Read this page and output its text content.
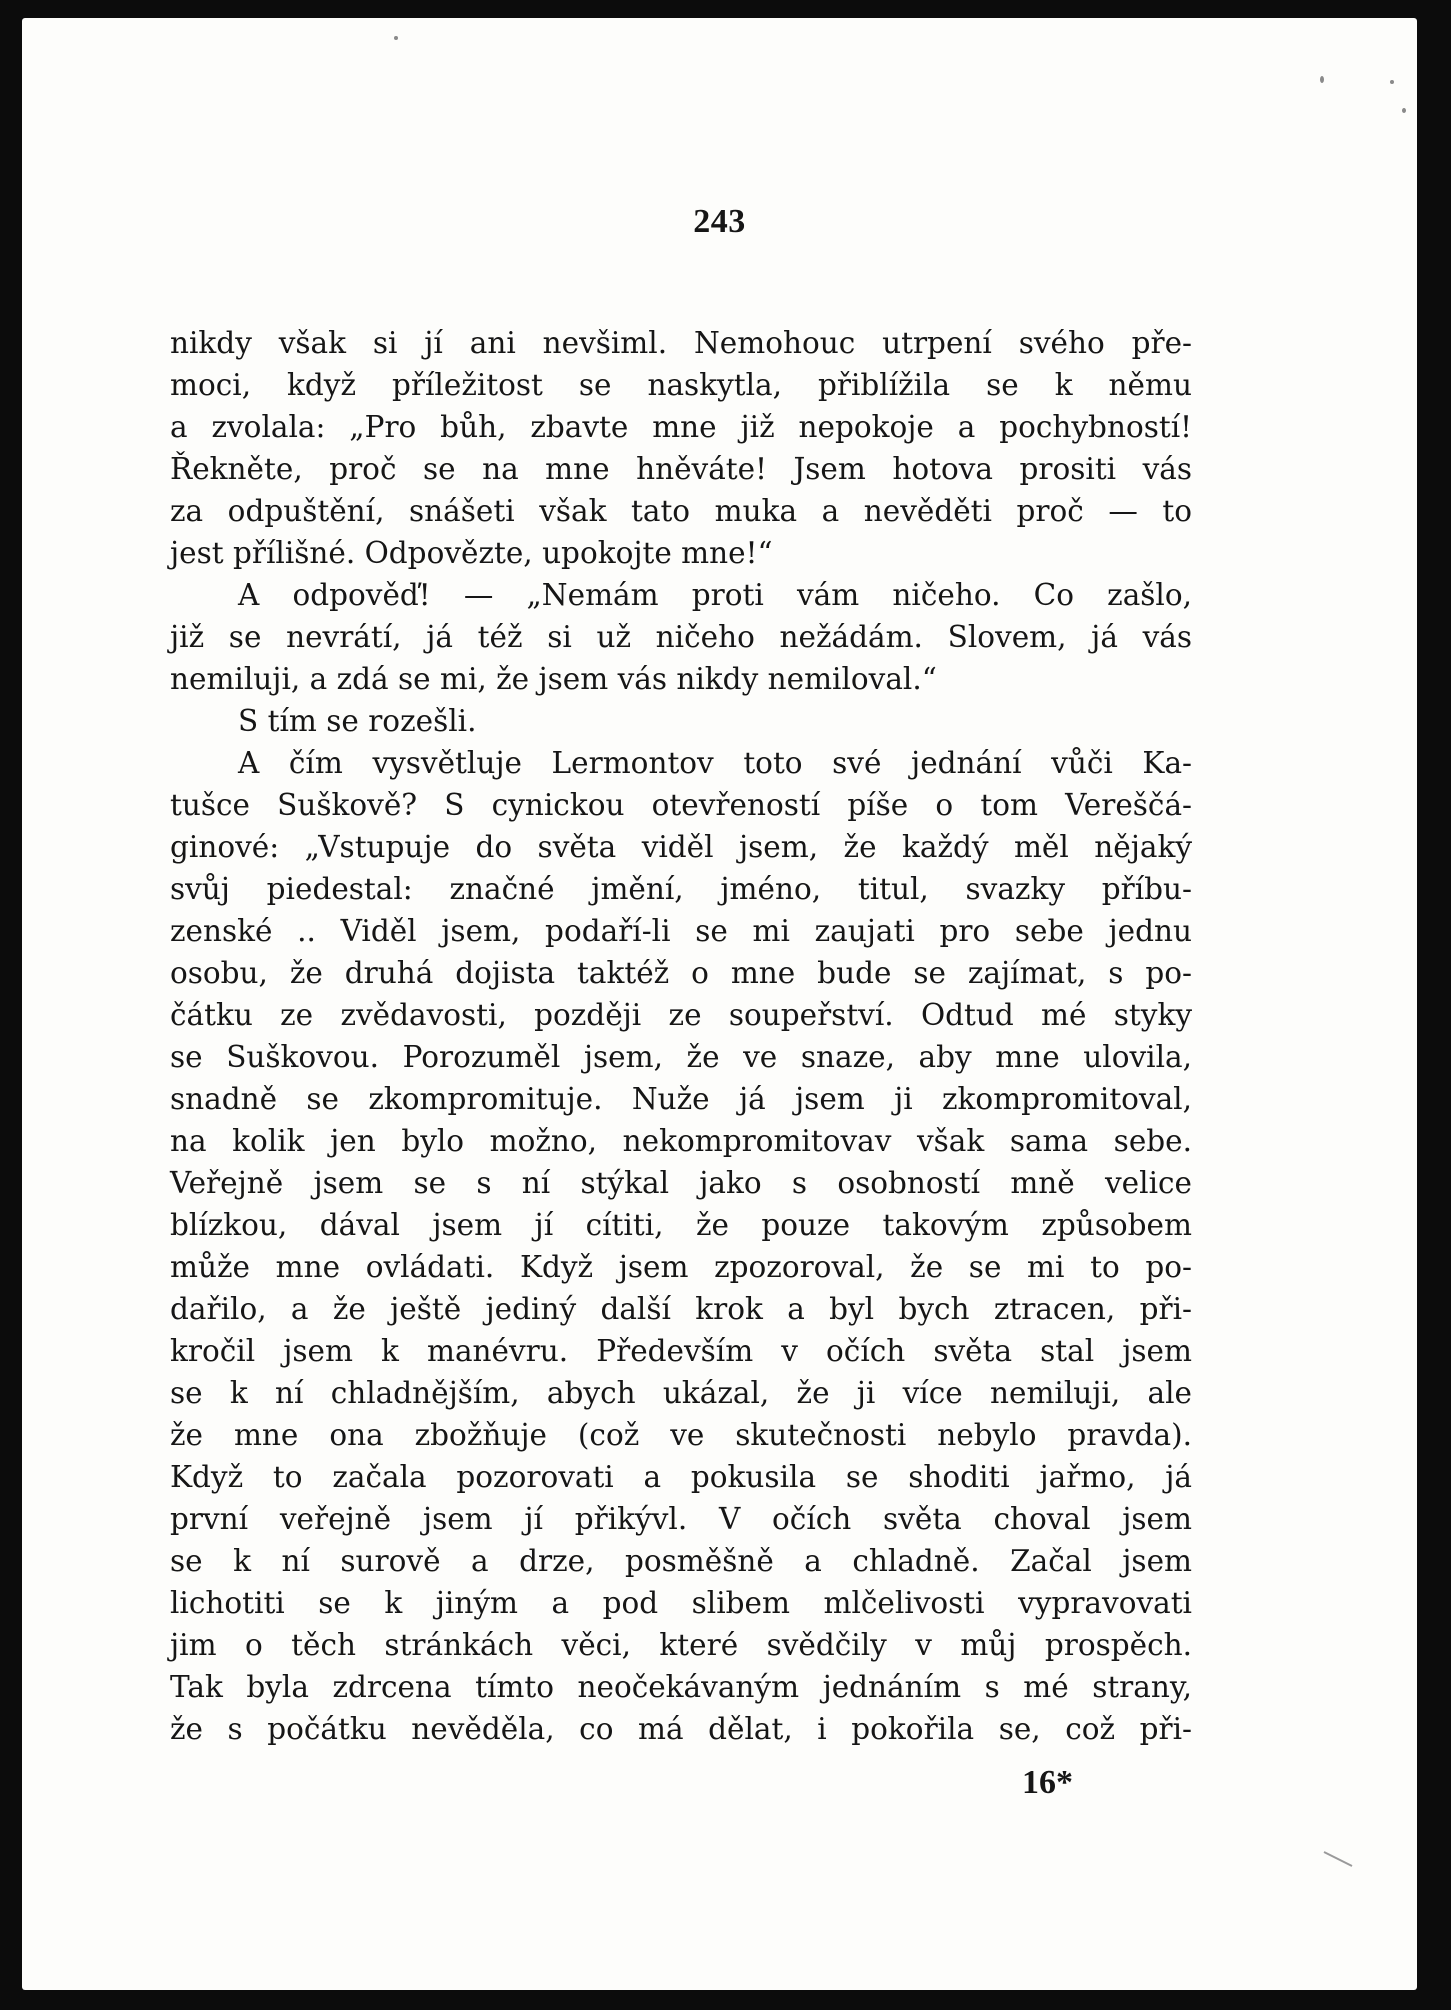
243
nikdy však si jí ani nevšiml. Nemohouc utrpení svého pře-
moci, když příležitost se naskytla, přiblížila se k němu
a zvolala: „Pro bůh, zbavte mne již nepokoje a pochybností!
Řekněte, proč se na mne hněváte! Jsem hotova prositi vás
za odpuštění, snášeti však tato muka a nevěděti proč — to
jest přílišné. Odpovězte, upokojte mne!“
A odpověď! — „Nemám proti vám ničeho. Co zašlo,
již se nevrátí, já též si už ničeho nežádám. Slovem, já vás
nemiluji, a zdá se mi, že jsem vás nikdy nemiloval.“
S tím se rozešli.
A čím vysvětluje Lermontov toto své jednání vůči Ka-
tušce Suškově? S cynickou otevřeností píše o tom Vereščá-
ginové: „Vstupuje do světa viděl jsem, že každý měl nějaký
svůj piedestal: značné jmění, jméno, titul, svazky příbu-
zenské .. Viděl jsem, podaří-li se mi zaujati pro sebe jednu
osobu, že druhá dojista taktéž o mne bude se zajímat, s po-
čátku ze zvědavosti, později ze soupeřství. Odtud mé styky
se Suškovou. Porozuměl jsem, že ve snaze, aby mne ulovila,
snadně se zkompromituje. Nuže já jsem ji zkompromitoval,
na kolik jen bylo možno, nekompromitovav však sama sebe.
Veřejně jsem se s ní stýkal jako s osobností mně velice
blízkou, dával jsem jí cítiti, že pouze takovým způsobem
může mne ovládati. Když jsem zpozoroval, že se mi to po-
dařilo, a že ještě jediný další krok a byl bych ztracen, při-
kročil jsem k manévru. Především v očích světa stal jsem
se k ní chladnějším, abych ukázal, že ji více nemiluji, ale
že mne ona zbožňuje (což ve skutečnosti nebylo pravda).
Když to začala pozorovati a pokusila se shoditi jařmo, já
první veřejně jsem jí přikývl. V očích světa choval jsem
se k ní surově a drze, posměšně a chladně. Začal jsem
lichotiti se k jiným a pod slibem mlčelivosti vypravovati
jim o těch stránkách věci, které svědčily v můj prospěch.
Tak byla zdrcena tímto neočekávaným jednáním s mé strany,
že s počátku nevěděla, co má dělat, i pokořila se, což při-
16*
